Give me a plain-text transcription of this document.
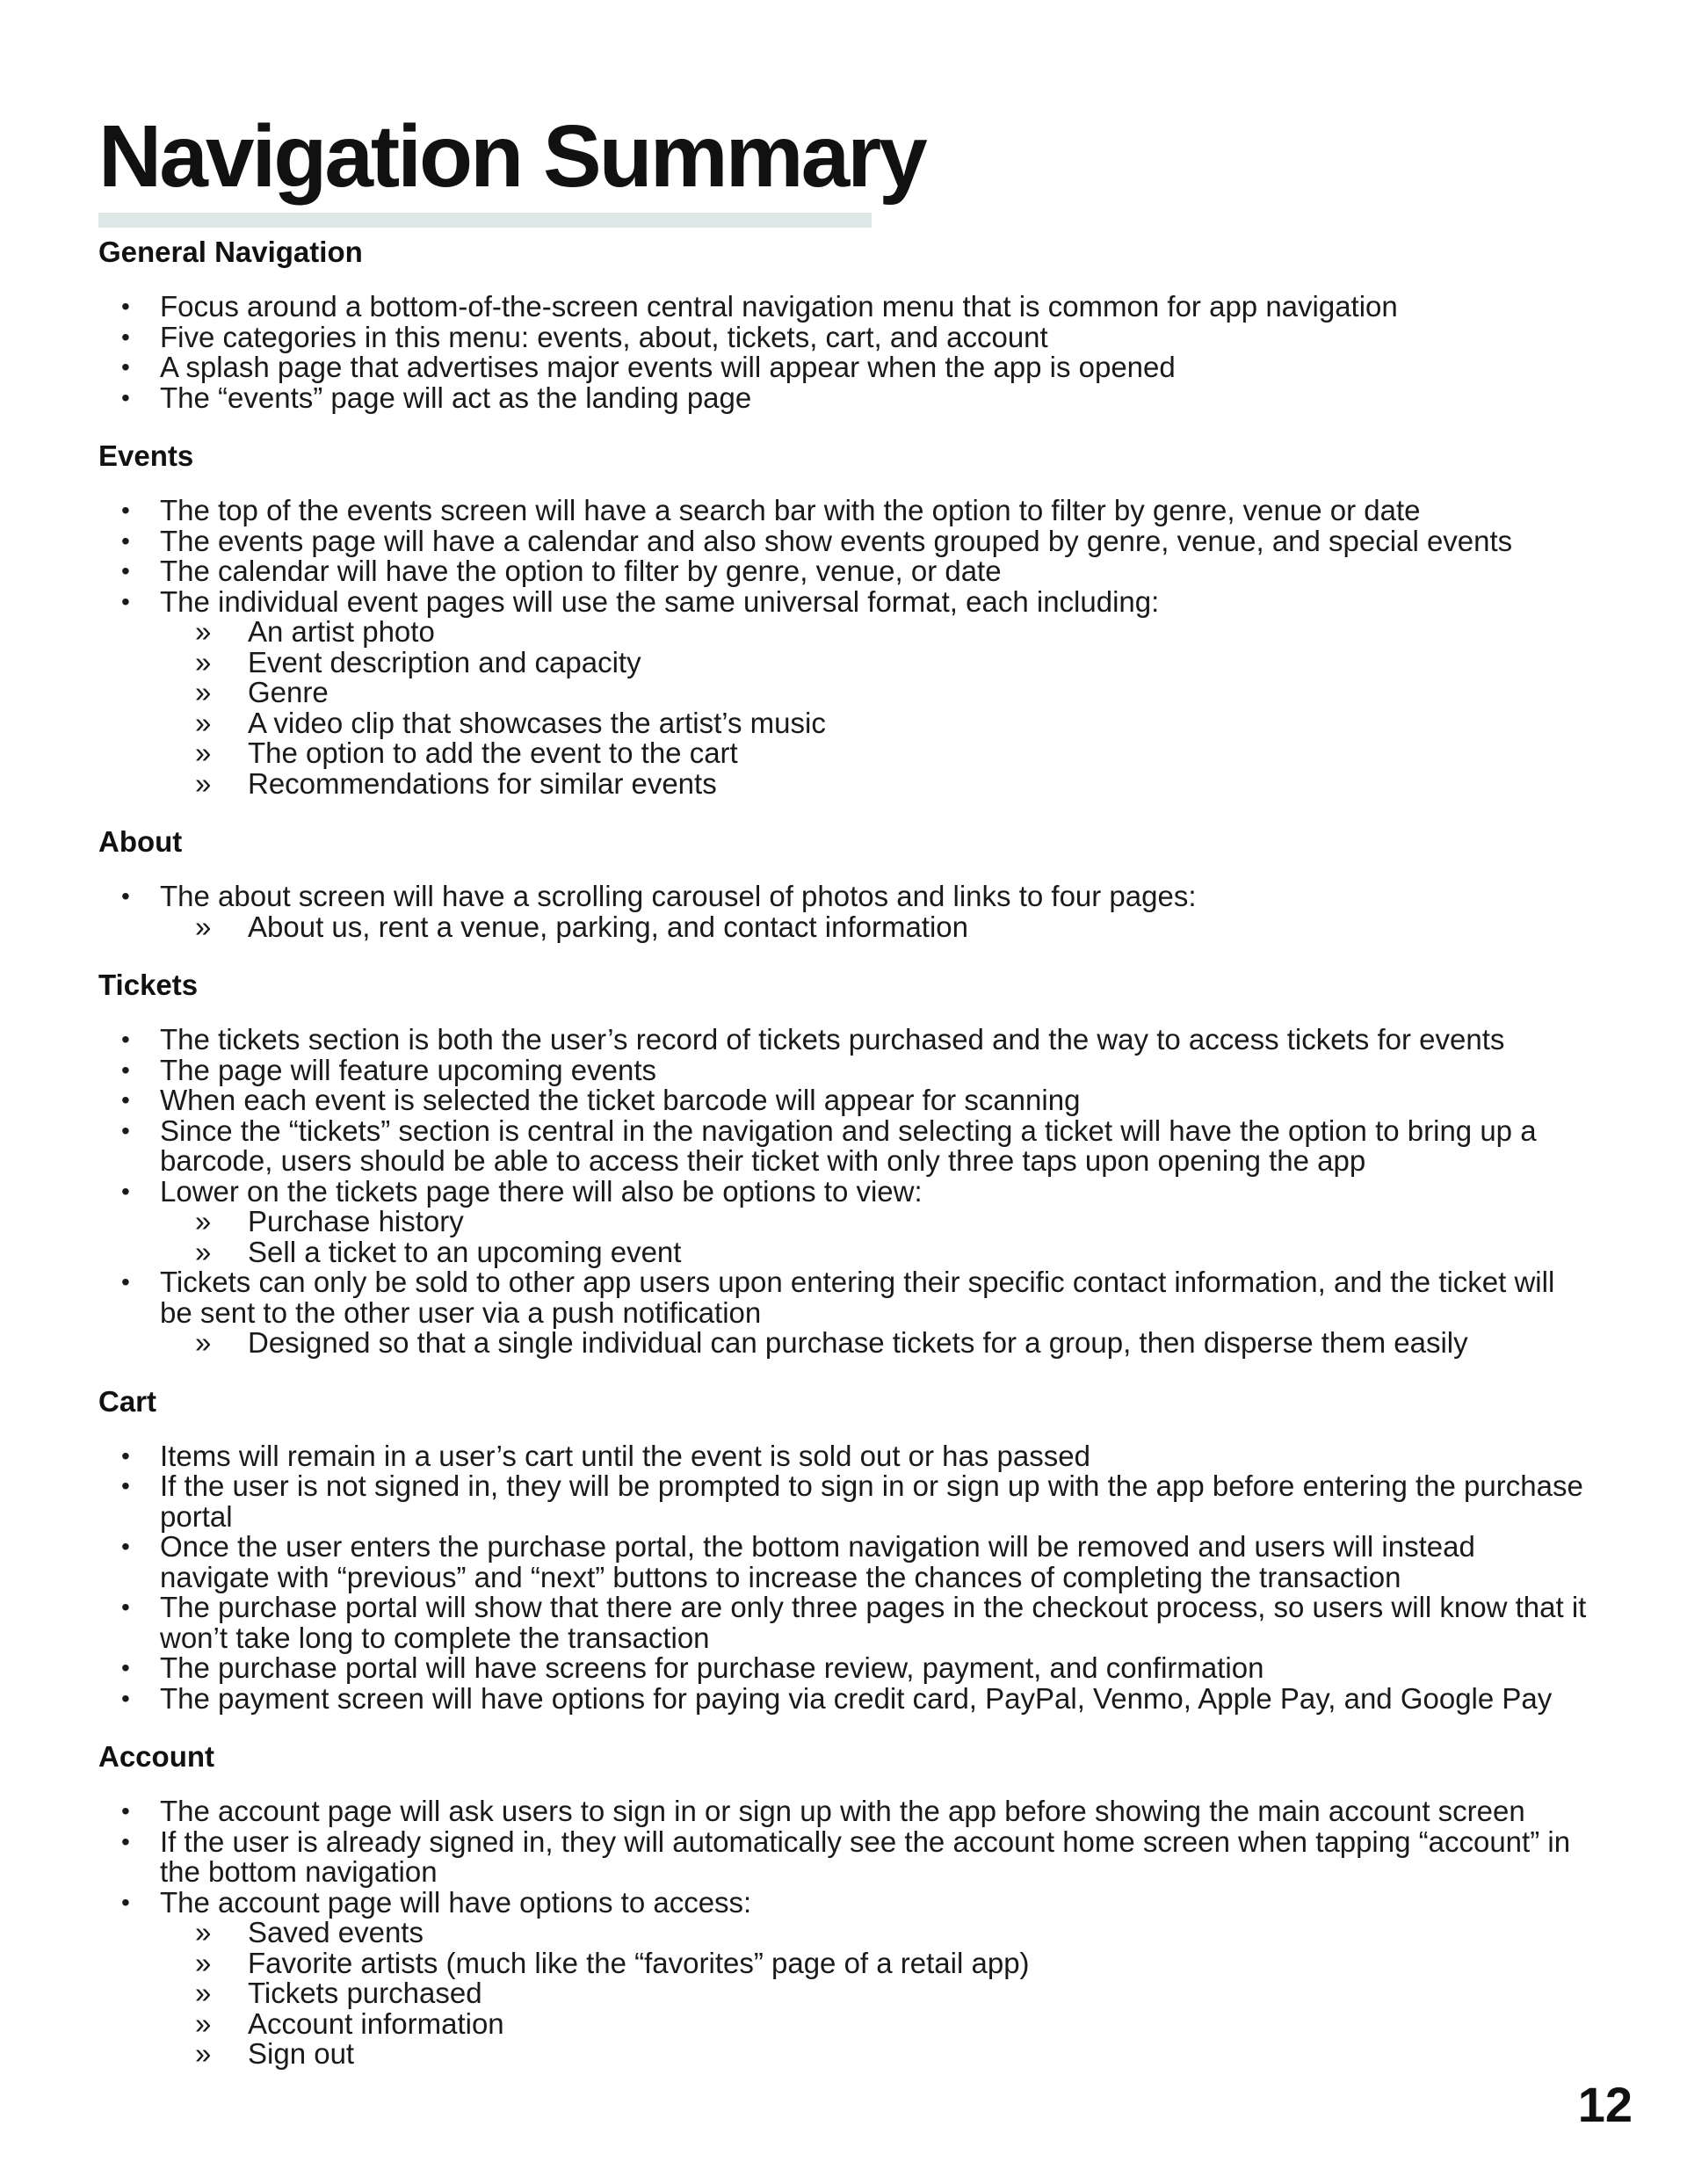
Navigation Summary
General Navigation
•	Focus around a bottom-of-the-screen central navigation menu that is common for app navigation
•	Five categories in this menu: events, about, tickets, cart, and account
•	A splash page that advertises major events will appear when the app is opened
•	The “events” page will act as the landing page
Events
•	The top of the events screen will have a search bar with the option to filter by genre, venue or date
•	The events page will have a calendar and also show events grouped by genre, venue, and special events
•	The calendar will have the option to filter by genre, venue, or date
•	The individual event pages will use the same universal format, each including:
» An artist photo
» Event description and capacity
» Genre
» A video clip that showcases the artist’s music
» The option to add the event to the cart
» Recommendations for similar events
About
•	The about screen will have a scrolling carousel of photos and links to four pages:
» About us, rent a venue, parking, and contact information
Tickets
•	The tickets section is both the user’s record of tickets purchased and the way to access tickets for events
•	The page will feature upcoming events
•	When each event is selected the ticket barcode will appear for scanning
•	Since the “tickets” section is central in the navigation and selecting a ticket will have the option to bring up a barcode, users should be able to access their ticket with only three taps upon opening the app
•	Lower on the tickets page there will also be options to view:
» Purchase history
» Sell a ticket to an upcoming event
•	Tickets can only be sold to other app users upon entering their specific contact information, and the ticket will be sent to the other user via a push notification
» Designed so that a single individual can purchase tickets for a group, then disperse them easily
Cart
•	Items will remain in a user’s cart until the event is sold out or has passed
•	If the user is not signed in, they will be prompted to sign in or sign up with the app before entering the purchase portal
•	Once the user enters the purchase portal, the bottom navigation will be removed and users will instead navigate with “previous” and “next” buttons to increase the chances of completing the transaction
•	The purchase portal will show that there are only three pages in the checkout process, so users will know that it won’t take long to complete the transaction
•	The purchase portal will have screens for purchase review, payment, and confirmation
•	The payment screen will have options for paying via credit card, PayPal, Venmo, Apple Pay, and Google Pay
Account
•	The account page will ask users to sign in or sign up with the app before showing the main account screen
•	If the user is already signed in, they will automatically see the account home screen when tapping “account” in the bottom navigation
•	The account page will have options to access:
» Saved events
» Favorite artists (much like the “favorites” page of a retail app)
» Tickets purchased
» Account information
» Sign out
12
